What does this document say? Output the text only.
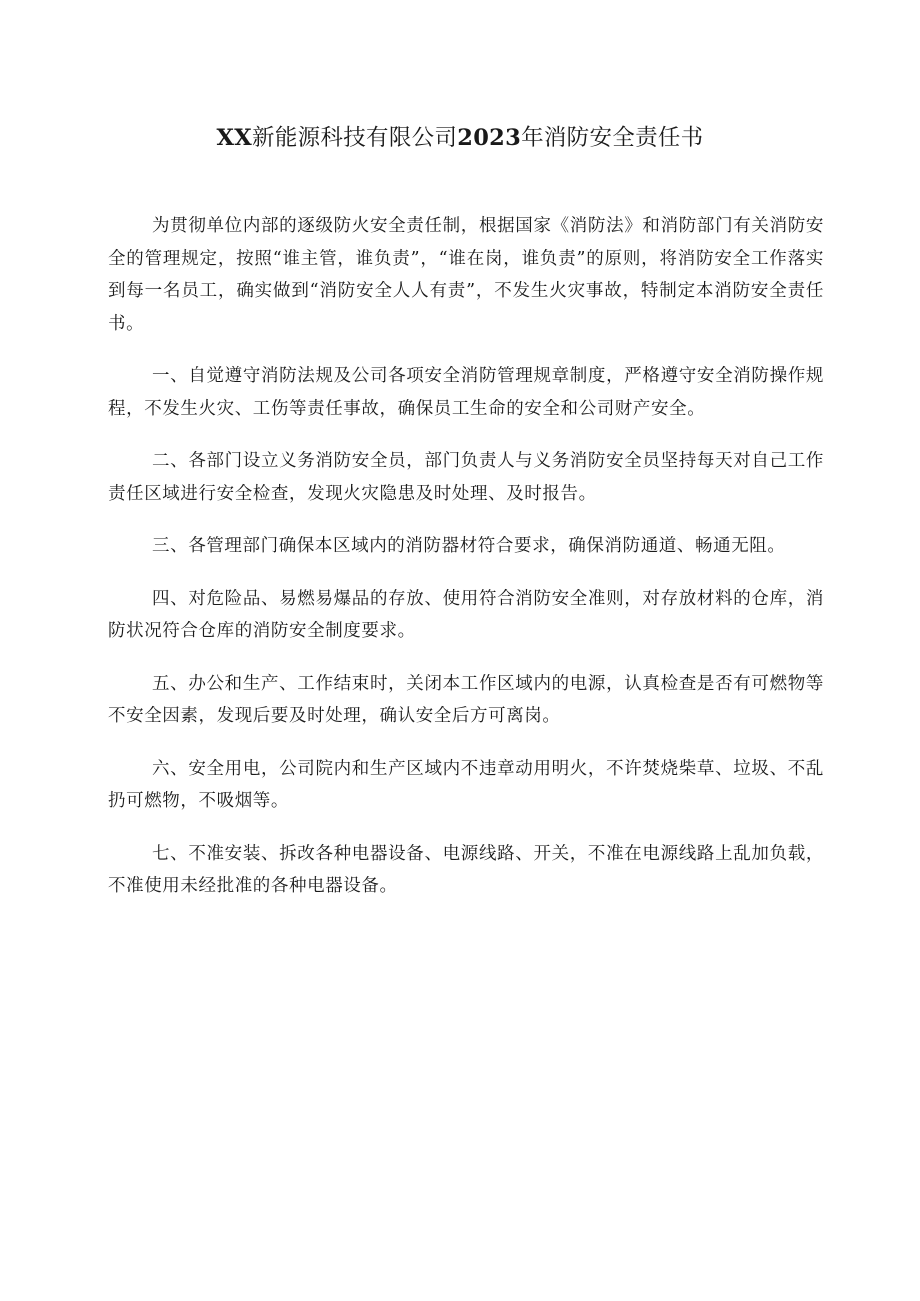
XX新能源科技有限公司2023年消防安全责任书

为贯彻单位内部的逐级防火安全责任制，根据国家《消防法》和消防部门有关消防安全的管理规定，按照“谁主管，谁负责”，“谁在岗，谁负责”的原则，将消防安全工作落实到每一名员工，确实做到“消防安全人人有责”，不发生火灾事故，特制定本消防安全责任书。

一、自觉遵守消防法规及公司各项安全消防管理规章制度，严格遵守安全消防操作规程，不发生火灾、工伤等责任事故，确保员工生命的安全和公司财产安全。

二、各部门设立义务消防安全员，部门负责人与义务消防安全员坚持每天对自己工作责任区域进行安全检查，发现火灾隐患及时处理、及时报告。

三、各管理部门确保本区域内的消防器材符合要求，确保消防通道、畅通无阻。

四、对危险品、易燃易爆品的存放、使用符合消防安全准则，对存放材料的仓库，消防状况符合仓库的消防安全制度要求。

五、办公和生产、工作结束时，关闭本工作区域内的电源，认真检查是否有可燃物等不安全因素，发现后要及时处理，确认安全后方可离岗。

六、安全用电，公司院内和生产区域内不违章动用明火，不许焚烧柴草、垃圾、不乱扔可燃物，不吸烟等。

七、不准安装、拆改各种电器设备、电源线路、开关，不准在电源线路上乱加负载，不准使用未经批准的各种电器设备。
